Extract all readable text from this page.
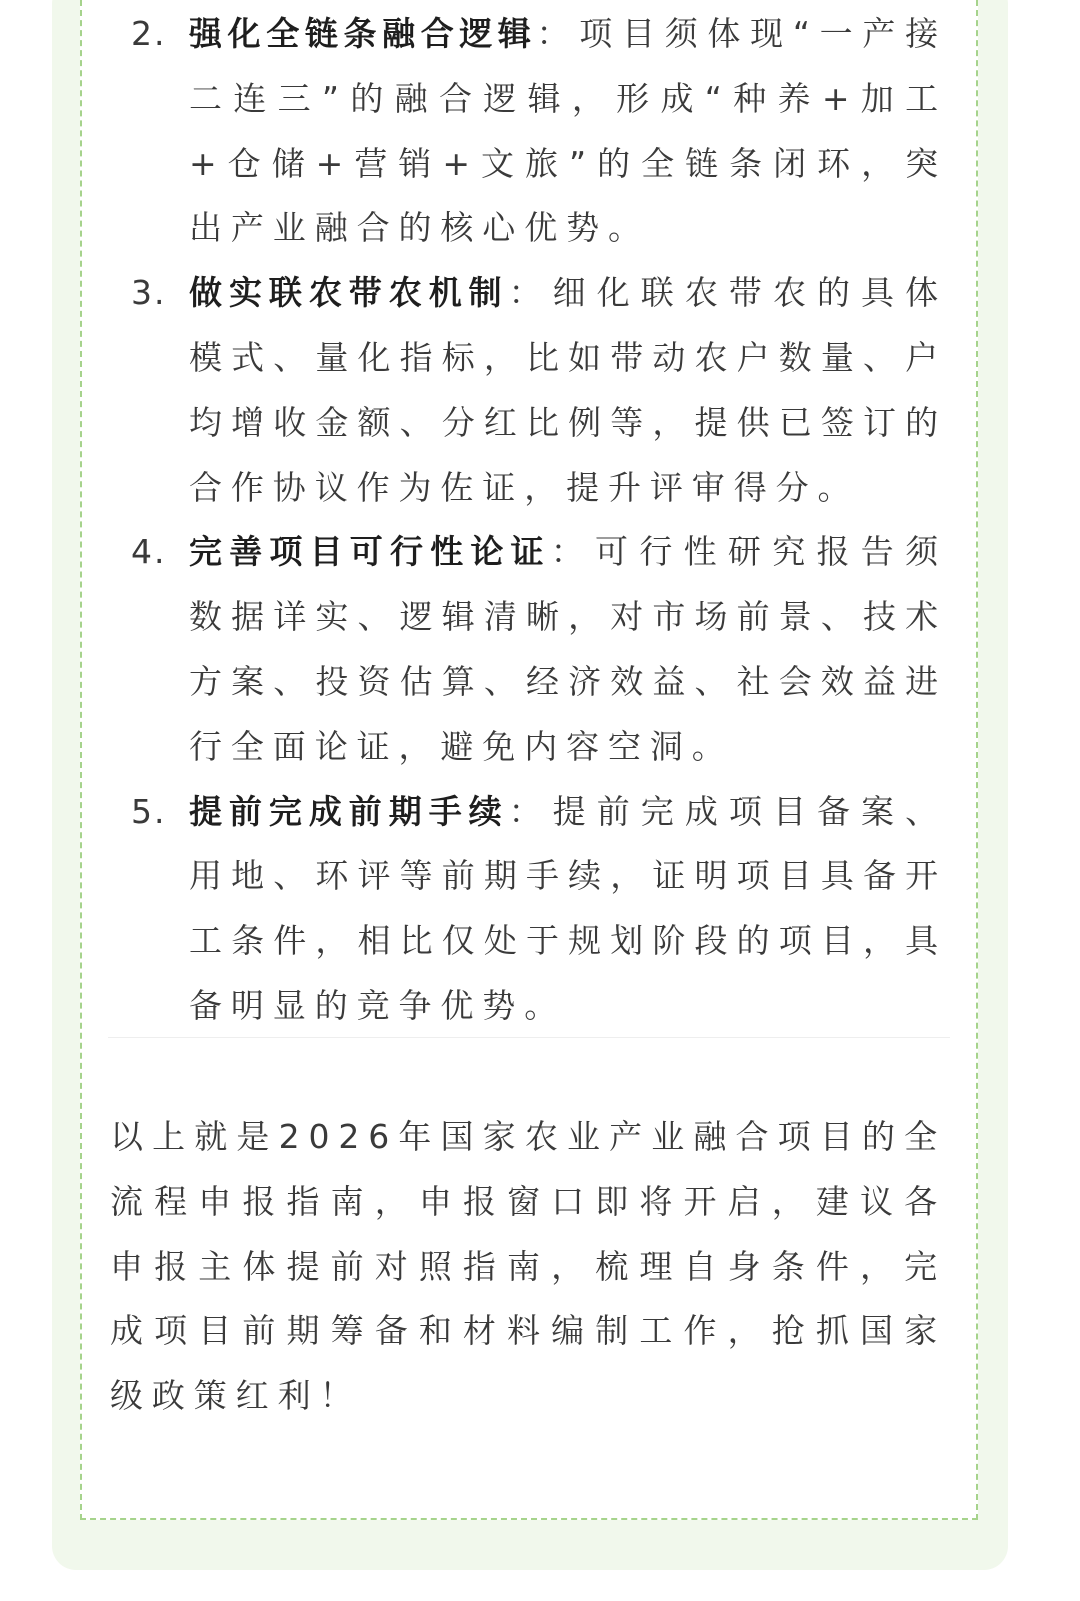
2. 强化全链条融合逻辑：项目须体现“一产接二连三”的融合逻辑，形成“种养+加工+仓储+营销+文旅”的全链条闭环，突出产业融合的核心优势。
3. 做实联农带农机制：细化联农带农的具体模式、量化指标，比如带动农户数量、户均增收金额、分红比例等，提供已签订的合作协议作为佐证，提升评审得分。
4. 完善项目可行性论证：可行性研究报告须数据详实、逻辑清晰，对市场前景、技术方案、投资估算、经济效益、社会效益进行全面论证，避免内容空洞。
5. 提前完成前期手续：提前完成项目备案、用地、环评等前期手续，证明项目具备开工条件，相比仅处于规划阶段的项目，具备明显的竞争优势。

以上就是2026年国家农业产业融合项目的全流程申报指南，申报窗口即将开启，建议各申报主体提前对照指南，梳理自身条件，完成项目前期筹备和材料编制工作，抢抓国家级政策红利！
